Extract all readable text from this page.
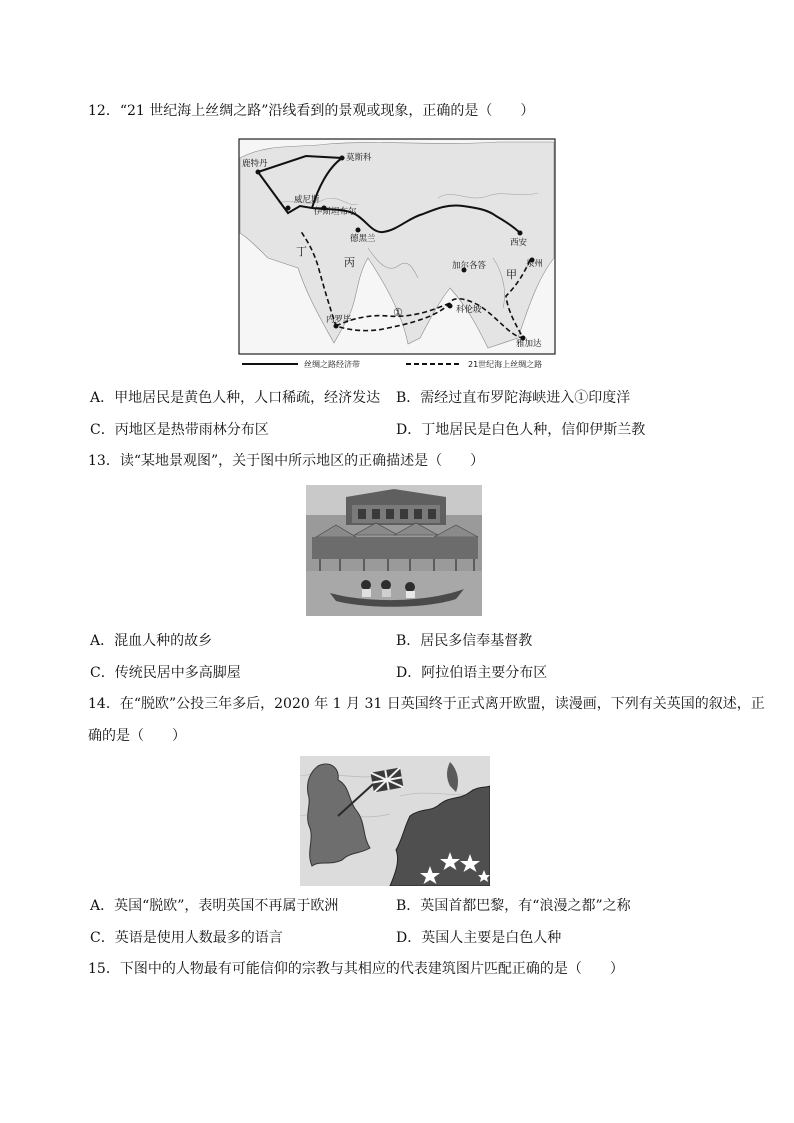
12．“21 世纪海上丝绸之路”沿线看到的景观或现象，正确的是（　　）
鹿特丹
莫斯科
威尼斯
伊斯坦布尔
德黑兰	西安
泉州
加尔各答
科伦坡
内罗毕
雅加达
丁
丙
甲
①
丝绸之路经济带	21世纪海上丝绸之路
A．甲地居民是黄色人种，人口稀疏，经济发达 B．需经过直布罗陀海峡进入①印度洋
C．丙地区是热带雨林分布区	D．丁地居民是白色人种，信仰伊斯兰教
13．读“某地景观图”，关于图中所示地区的正确描述是（　　）
A．混血人种的故乡	B．居民多信奉基督教
C．传统民居中多高脚屋	D．阿拉伯语主要分布区
14．在“脱欧”公投三年多后，2020 年 1 月 31 日英国终于正式离开欧盟，读漫画，下列有关英国的叙述，正
确的是（　　）
A．英国“脱欧”，表明英国不再属于欧洲	B．英国首都巴黎，有“浪漫之都”之称
C．英语是使用人数最多的语言	D．英国人主要是白色人种
15．下图中的人物最有可能信仰的宗教与其相应的代表建筑图片匹配正确的是（　　）
